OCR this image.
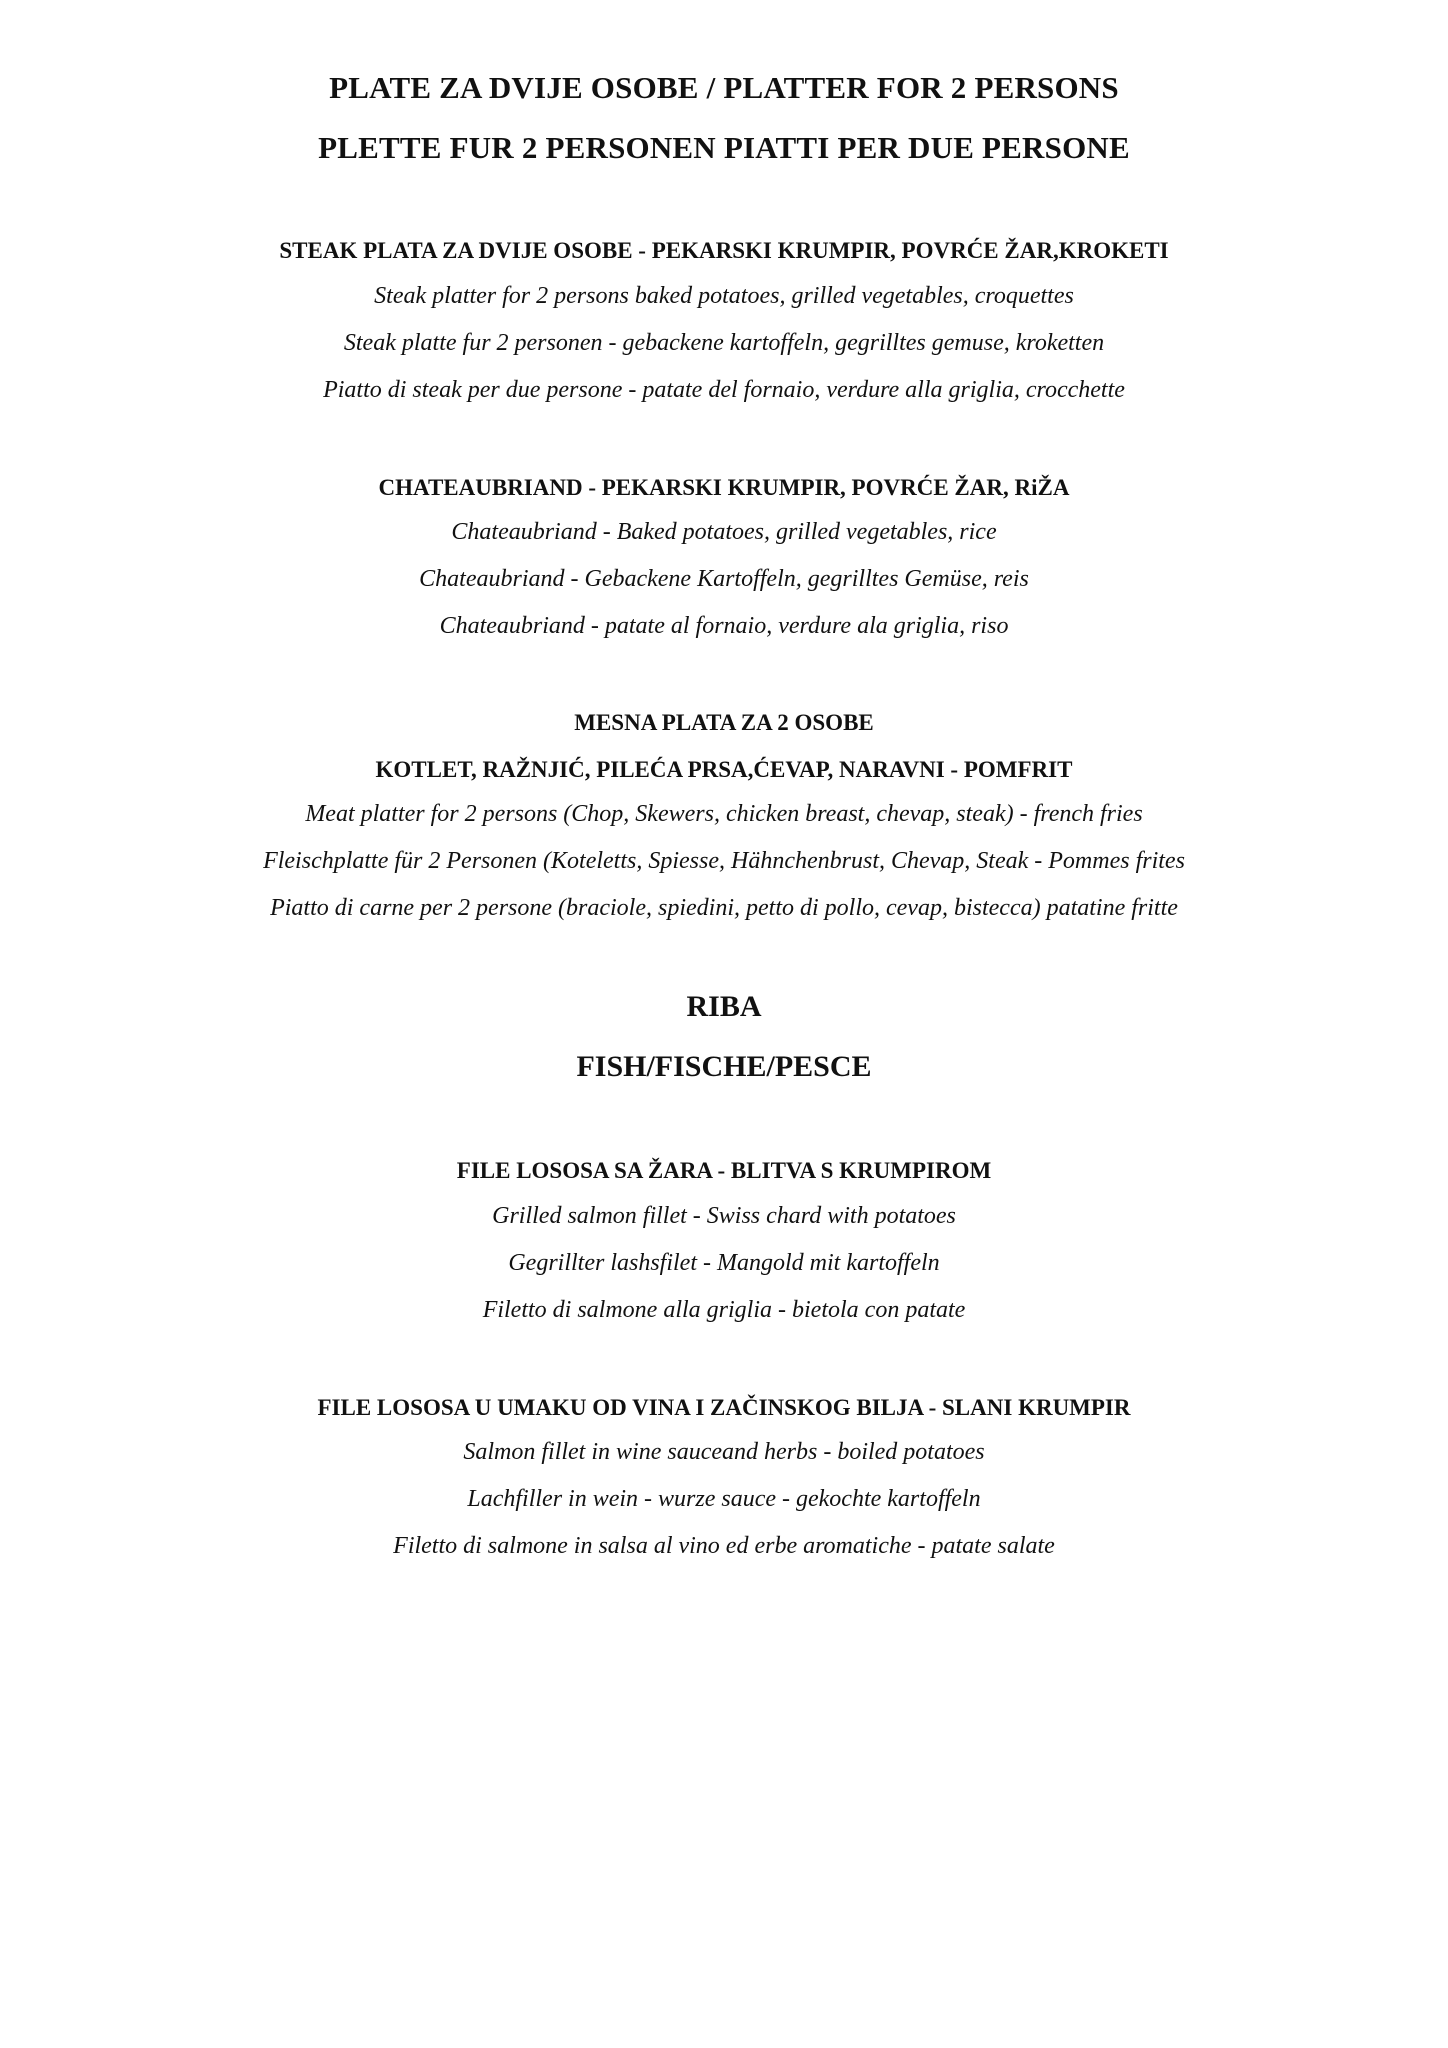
PLATE ZA DVIJE OSOBE / PLATTER FOR 2 PERSONS
PLETTE FUR 2 PERSONEN PIATTI PER DUE PERSONE
STEAK PLATA ZA DVIJE OSOBE - PEKARSKI KRUMPIR, POVRĆE ŽAR,KROKETI
Steak platter for 2 persons baked potatoes, grilled vegetables, croquettes
Steak platte fur 2 personen - gebackene kartoffeln, gegrilltes gemuse, kroketten
Piatto di steak per due persone - patate del fornaio, verdure alla griglia, crocchette
CHATEAUBRIAND - PEKARSKI KRUMPIR, POVRĆE ŽAR, RiŽA
Chateaubriand - Baked potatoes, grilled vegetables, rice
Chateaubriand - Gebackene Kartoffeln, gegrilltes Gemüse, reis
Chateaubriand - patate al fornaio, verdure ala griglia, riso
MESNA PLATA ZA 2 OSOBE
KOTLET, RAŽNJIĆ, PILEĆA PRSA,ĆEVAP, NARAVNI - POMFRIT
Meat platter for 2 persons (Chop, Skewers, chicken breast, chevap, steak) - french fries
Fleischplatte für 2 Personen (Koteletts, Spiesse, Hähnchenbrust, Chevap, Steak - Pommes frites
Piatto di carne per 2 persone (braciole, spiedini, petto di pollo, cevap, bistecca) patatine fritte
RIBA
FISH/FISCHE/PESCE
FILE LOSOSA SA ŽARA - BLITVA S KRUMPIROM
Grilled salmon fillet - Swiss chard with potatoes
Gegrillter lashsfilet - Mangold mit kartoffeln
Filetto di salmone alla griglia - bietola con patate
FILE LOSOSA U UMAKU OD VINA I ZAČINSKOG BILJA - SLANI KRUMPIR
Salmon fillet in wine sauceand herbs - boiled potatoes
Lachfiller in wein - wurze sauce - gekochte kartoffeln
Filetto di salmone in salsa al vino ed erbe aromatiche - patate salate
